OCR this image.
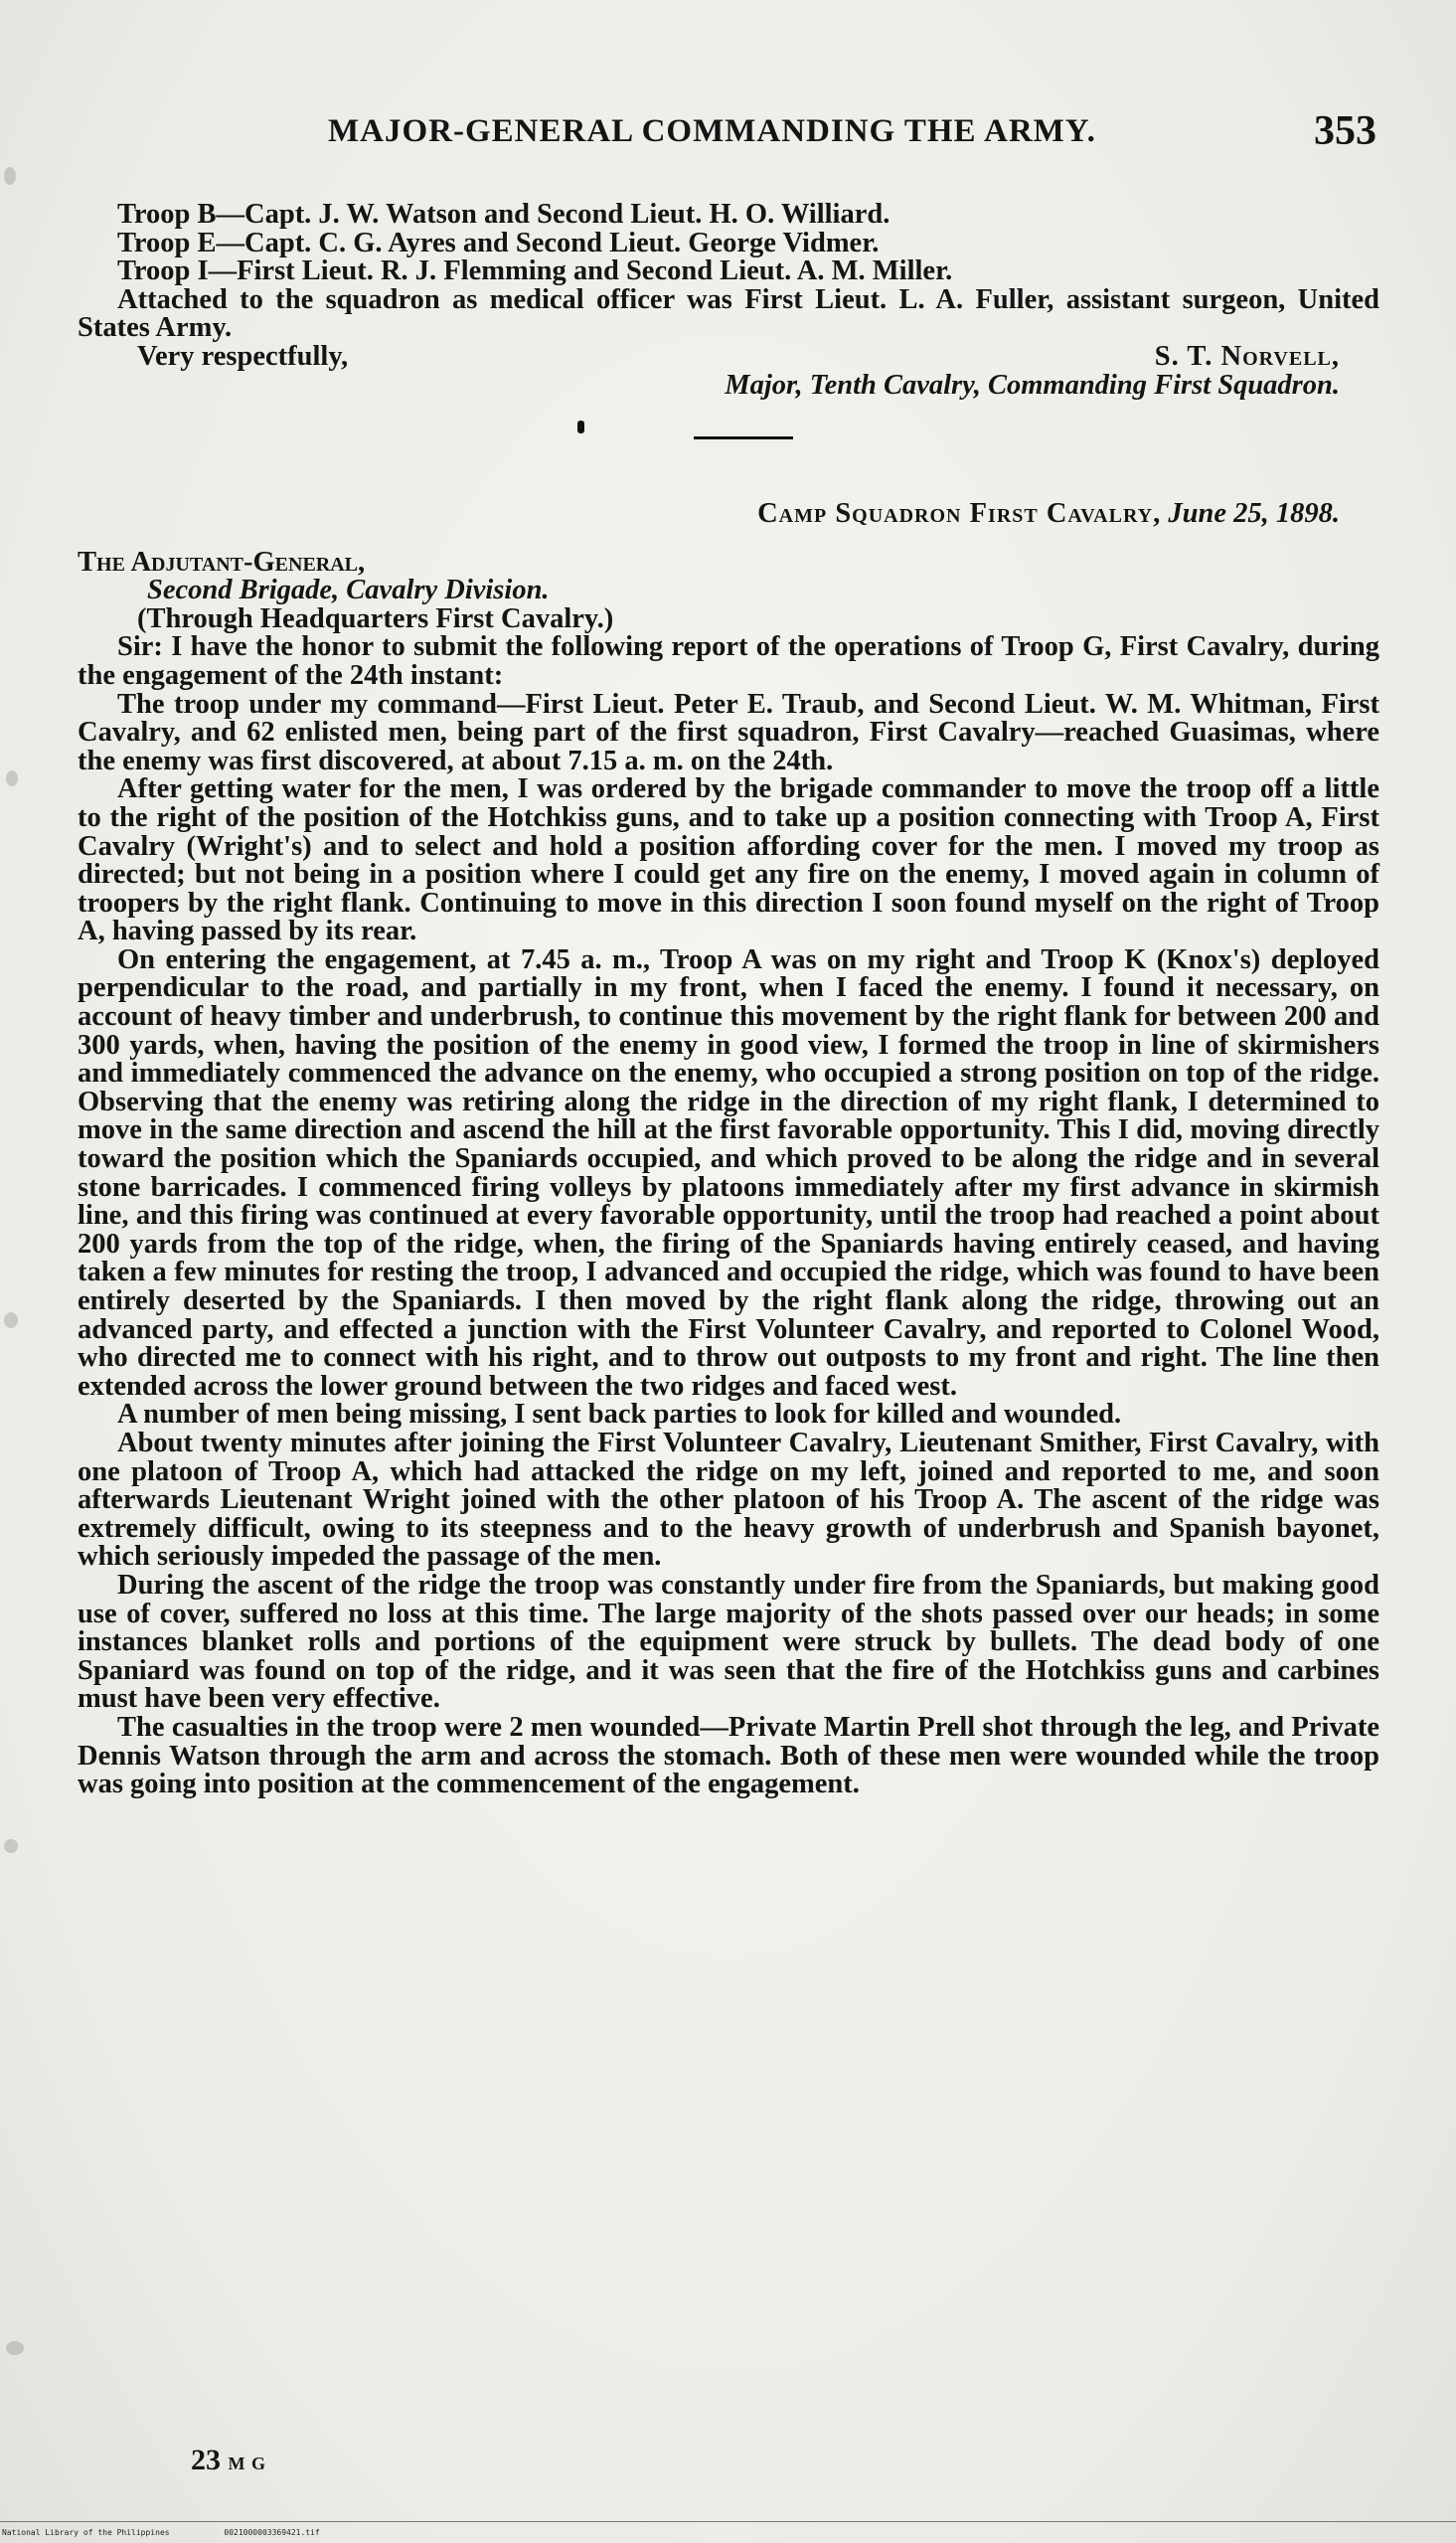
MAJOR-GENERAL COMMANDING THE ARMY.	353

Troop B—Capt. J. W. Watson and Second Lieut. H. O. Williard.

Troop E—Capt. C. G. Ayres and Second Lieut. George Vidmer.

Troop I—First Lieut. R. J. Flemming and Second Lieut. A. M. Miller.

Attached to the squadron as medical officer was First Lieut. L. A. Fuller, assistant surgeon, United States Army.

Very respectfully,	S. T. Norvell,
Major, Tenth Cavalry, Commanding First Squadron.

Camp Squadron First Cavalry, June 25, 1898.

The Adjutant-General,

Second Brigade, Cavalry Division.

(Through Headquarters First Cavalry.)

Sir: I have the honor to submit the following report of the operations of Troop G, First Cavalry, during the engagement of the 24th instant:

The troop under my command—First Lieut. Peter E. Traub, and Second Lieut. W. M. Whitman, First Cavalry, and 62 enlisted men, being part of the first squadron, First Cavalry—reached Guasimas, where the enemy was first discovered, at about 7.15 a. m. on the 24th.

After getting water for the men, I was ordered by the brigade commander to move the troop off a little to the right of the position of the Hotchkiss guns, and to take up a position connecting with Troop A, First Cavalry (Wright's) and to select and hold a position affording cover for the men. I moved my troop as directed; but not being in a position where I could get any fire on the enemy, I moved again in column of troopers by the right flank. Continuing to move in this direction I soon found myself on the right of Troop A, having passed by its rear.

On entering the engagement, at 7.45 a. m., Troop A was on my right and Troop K (Knox's) deployed perpendicular to the road, and partially in my front, when I faced the enemy. I found it necessary, on account of heavy timber and underbrush, to continue this movement by the right flank for between 200 and 300 yards, when, having the position of the enemy in good view, I formed the troop in line of skirmishers and immediately commenced the advance on the enemy, who occupied a strong position on top of the ridge. Observing that the enemy was retiring along the ridge in the direction of my right flank, I determined to move in the same direction and ascend the hill at the first favorable opportunity. This I did, moving directly toward the position which the Spaniards occupied, and which proved to be along the ridge and in several stone barricades. I commenced firing volleys by platoons immediately after my first advance in skirmish line, and this firing was continued at every favorable opportunity, until the troop had reached a point about 200 yards from the top of the ridge, when, the firing of the Spaniards having entirely ceased, and having taken a few minutes for resting the troop, I advanced and occupied the ridge, which was found to have been entirely deserted by the Spaniards. I then moved by the right flank along the ridge, throwing out an advanced party, and effected a junction with the First Volunteer Cavalry, and reported to Colonel Wood, who directed me to connect with his right, and to throw out outposts to my front and right. The line then extended across the lower ground between the two ridges and faced west.

A number of men being missing, I sent back parties to look for killed and wounded.

About twenty minutes after joining the First Volunteer Cavalry, Lieutenant Smither, First Cavalry, with one platoon of Troop A, which had attacked the ridge on my left, joined and reported to me, and soon afterwards Lieutenant Wright joined with the other platoon of his Troop A. The ascent of the ridge was extremely difficult, owing to its steepness and to the heavy growth of underbrush and Spanish bayonet, which seriously impeded the passage of the men.

During the ascent of the ridge the troop was constantly under fire from the Spaniards, but making good use of cover, suffered no loss at this time. The large majority of the shots passed over our heads; in some instances blanket rolls and portions of the equipment were struck by bullets. The dead body of one Spaniard was found on top of the ridge, and it was seen that the fire of the Hotchkiss guns and carbines must have been very effective.

The casualties in the troop were 2 men wounded—Private Martin Prell shot through the leg, and Private Dennis Watson through the arm and across the stomach. Both of these men were wounded while the troop was going into position at the commencement of the engagement.

23 m g
National Library of the Philippines	0021000003369421.tif
